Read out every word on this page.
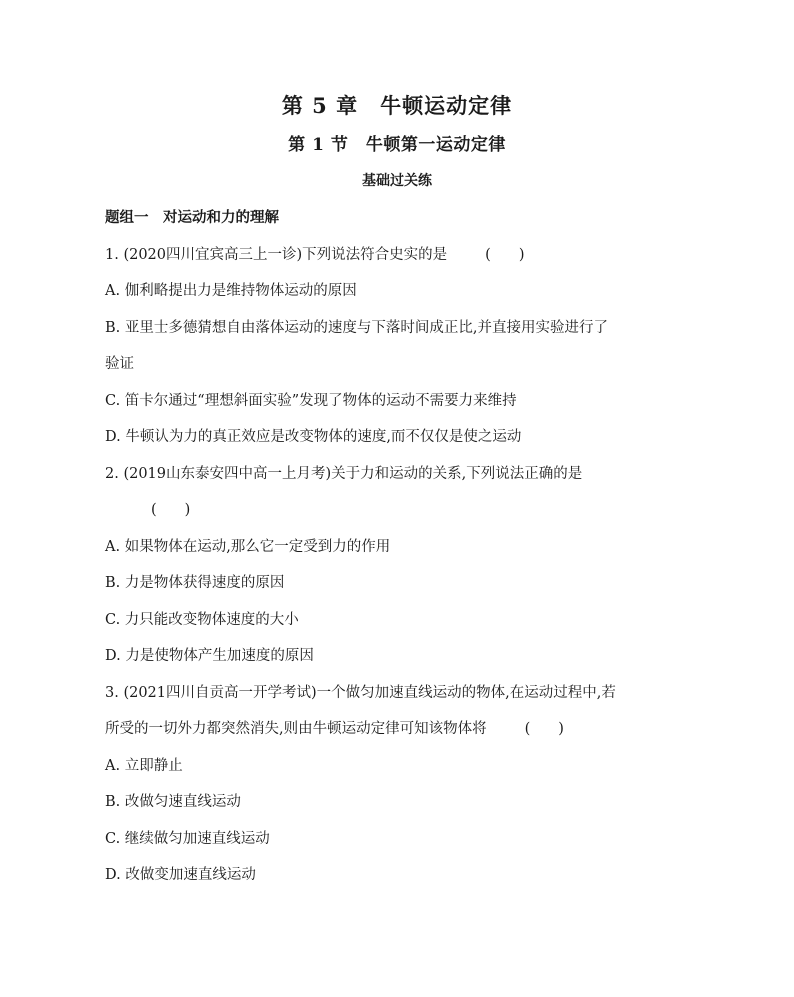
第 5 章　牛顿运动定律
第 1 节　牛顿第一运动定律
基础过关练
题组一　对运动和力的理解
1. (2020四川宜宾高三上一诊)下列说法符合史实的是	( )
A. 伽利略提出力是维持物体运动的原因
B. 亚里士多德猜想自由落体运动的速度与下落时间成正比,并直接用实验进行了
验证
C. 笛卡尔通过“理想斜面实验”发现了物体的运动不需要力来维持
D. 牛顿认为力的真正效应是改变物体的速度,而不仅仅是使之运动
2. (2019山东泰安四中高一上月考)关于力和运动的关系,下列说法正确的是
( )
A. 如果物体在运动,那么它一定受到力的作用
B. 力是物体获得速度的原因
C. 力只能改变物体速度的大小
D. 力是使物体产生加速度的原因
3. (2021四川自贡高一开学考试)一个做匀加速直线运动的物体,在运动过程中,若
所受的一切外力都突然消失,则由牛顿运动定律可知该物体将	( )
A. 立即静止
B. 改做匀速直线运动
C. 继续做匀加速直线运动
D. 改做变加速直线运动
